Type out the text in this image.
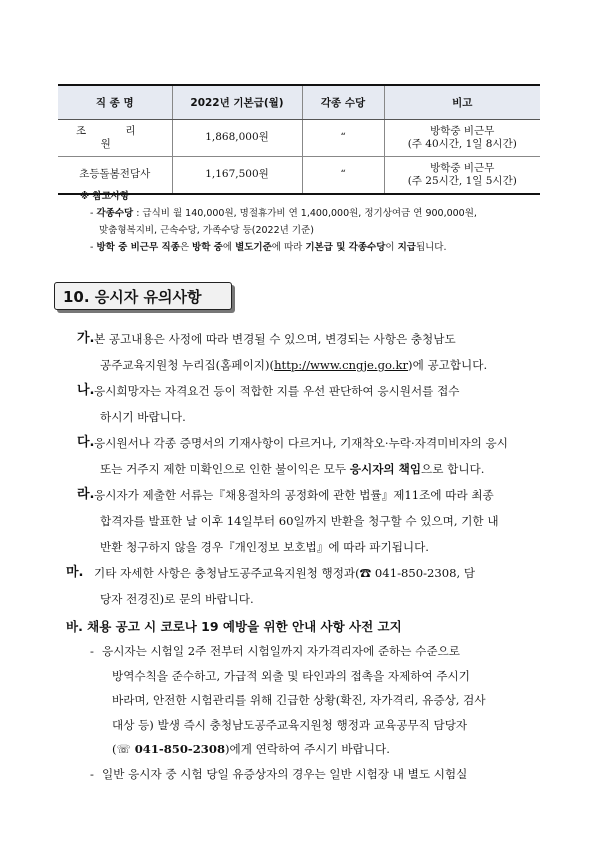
직 종 명	2022년 기본급(월)	각종 수당	비고
조 리 원	1,868,000원	“	방학중 비근무
(주 40시간, 1일 8시간)

초등돌봄전담사	1,167,500원	“	방학중 비근무
(주 25시간, 1일 5시간)
※ 참고사항
- 각종수당 : 급식비 월 140,000원, 명절휴가비 연 1,400,000원, 정기상여금 연 900,000원,
맞춤형복지비, 근속수당, 가족수당 등(2022년 기준)
- 방학 중 비근무 직종은 방학 중에 별도기준에 따라 기본급 및 각종수당이 지급됩니다.
10. 응시자 유의사항
가. 본 공고내용은 사정에 따라 변경될 수 있으며, 변경되는 사항은 충청남도

공주교육지원청 누리집(홈페이지)(http://www.cngje.go.kr)에 공고합니다.

나. 응시희망자는 자격요건 등이 적합한 지를 우선 판단하여 응시원서를 접수

하시기 바랍니다.

다. 응시원서나 각종 증명서의 기재사항이 다르거나, 기재착오·누락·자격미비자의 응시

또는 거주지 제한 미확인으로 인한 불이익은 모두 응시자의 책임으로 합니다.

라. 응시자가 제출한 서류는『채용절차의 공정화에 관한 법률』제11조에 따라 최종

합격자를 발표한 날 이후 14일부터 60일까지 반환을 청구할 수 있으며, 기한 내

반환 청구하지 않을 경우『개인정보 보호법』에 따라 파기됩니다.

마. 기타 자세한 사항은 충청남도공주교육지원청 행정과(☎ 041-850-2308, 담

당자 전경진)로 문의 바랍니다.

바. 채용 공고 시 코로나 19 예방을 위한 안내 사항 사전 고지
- 응시자는 시험일 2주 전부터 시험일까지 자가격리자에 준하는 수준으로

방역수칙을 준수하고, 가급적 외출 및 타인과의 접촉을 자제하여 주시기

바라며, 안전한 시험관리를 위해 긴급한 상황(확진, 자가격리, 유증상, 검사

대상 등) 발생 즉시 충청남도공주교육지원청 행정과 교육공무직 담당자

(☏ 041-850-2308)에게 연락하여 주시기 바랍니다.

- 일반 응시자 중 시험 당일 유증상자의 경우는 일반 시험장 내 별도 시험실
